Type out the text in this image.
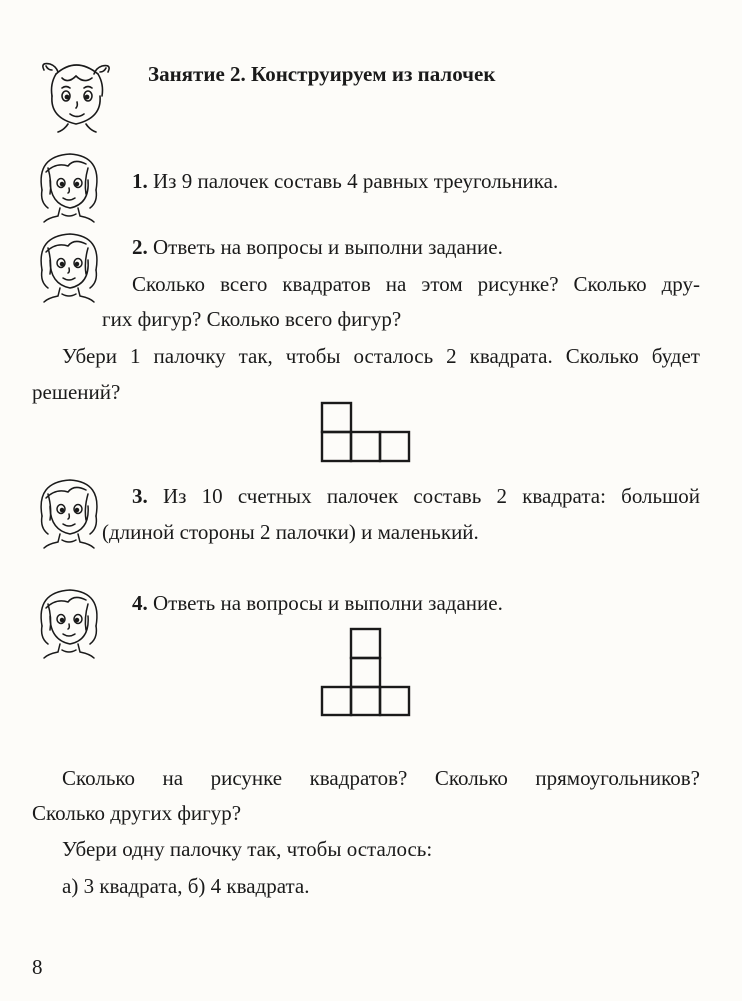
Занятие 2. Конструируем из палочек
1. Из 9 палочек составь 4 равных треугольника.
2. Ответь на вопросы и выполни задание.
Сколько всего квадратов на этом рисунке? Сколько дру-
гих фигур? Сколько всего фигур?
Убери 1 палочку так, чтобы осталось 2 квадрата. Сколько будет
решений?
3. Из 10 счетных палочек составь 2 квадрата: большой
(длиной стороны 2 палочки) и маленький.
4. Ответь на вопросы и выполни задание.
Сколько на рисунке квадратов? Сколько прямоугольников?
Сколько других фигур?
Убери одну палочку так, чтобы осталось:
а) 3 квадрата, б) 4 квадрата.
8
